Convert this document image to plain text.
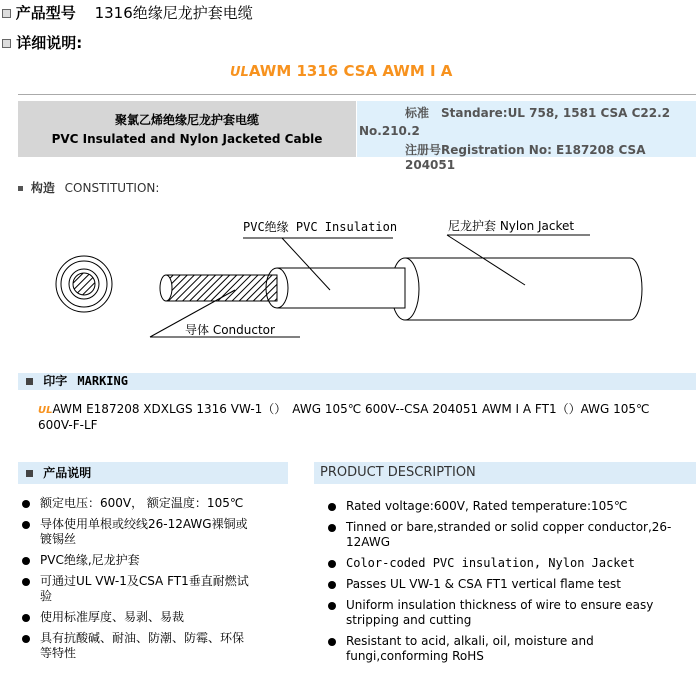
产品型号 1316绝缘尼龙护套电缆
详细说明:
ULAWM 1316 CSA AWM Ⅰ A
聚氯乙烯绝缘尼龙护套电缆
PVC Insulated and Nylon Jacketed Cable
标准　Standare:UL 758, 1581 CSA C22.2
No.210.2
注册号Registration No: E187208 CSA 204051
构造 CONSTITUTION:
PVC绝缘 PVC Insulation	尼龙护套 Nylon Jacket
导体 Conductor
印字 MARKING
ULAWM E187208 XDXLGS 1316 VW-1（）　AWG 105℃ 600V--CSA 204051 AWM I A FT1（）AWG 105℃
600V-F-LF
产品说明
额定电压：600V， 额定温度：105℃
导体使用单根或绞线26-12AWG裸铜或
镀锡丝
PVC绝缘,尼龙护套
可通过UL VW-1及CSA FT1垂直耐燃试
验
使用标准厚度、易剥、易裁
具有抗酸碱、耐油、防潮、防霉、环保
等特性
PRODUCT DESCRIPTION
Rated voltage:600V, Rated temperature:105℃
Tinned or bare,stranded or solid copper conductor,26-
12AWG
Color-coded PVC insulation, Nylon Jacket
Passes UL VW-1 & CSA FT1 vertical flame test
Uniform insulation thickness of wire to ensure easy
stripping and cutting
Resistant to acid, alkali, oil, moisture and
fungi,conforming RoHS
